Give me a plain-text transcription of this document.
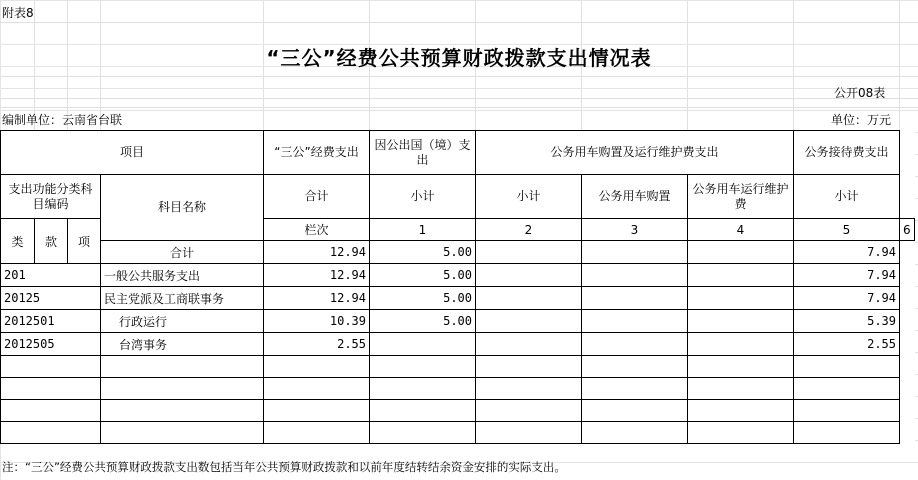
附表8
“三公”经费公共预算财政拨款支出情况表
公开08表
编制单位：云南省台联	单位：万元
项目				“三公”经费支出	因公出国（境）支出	公务用车购置及运行维护费支出			公务接待费支出	
支出功能分类科目编码			科目名称	合计	小计	小计	公务用车购置	公务用车运行维护费	小计	
类	款	项		栏次	1	2	3	4	5	6
			合计	12.94	5.00				7.94	
201			一般公共服务支出	12.94	5.00				7.94	
20125			民主党派及工商联事务	12.94	5.00				7.94	
2012501			行政运行	10.39	5.00				5.39	
2012505			台湾事务	2.55					2.55	

注：“三公”经费公共预算财政拨款支出数包括当年公共预算财政拨款和以前年度结转结余资金安排的实际支出。
